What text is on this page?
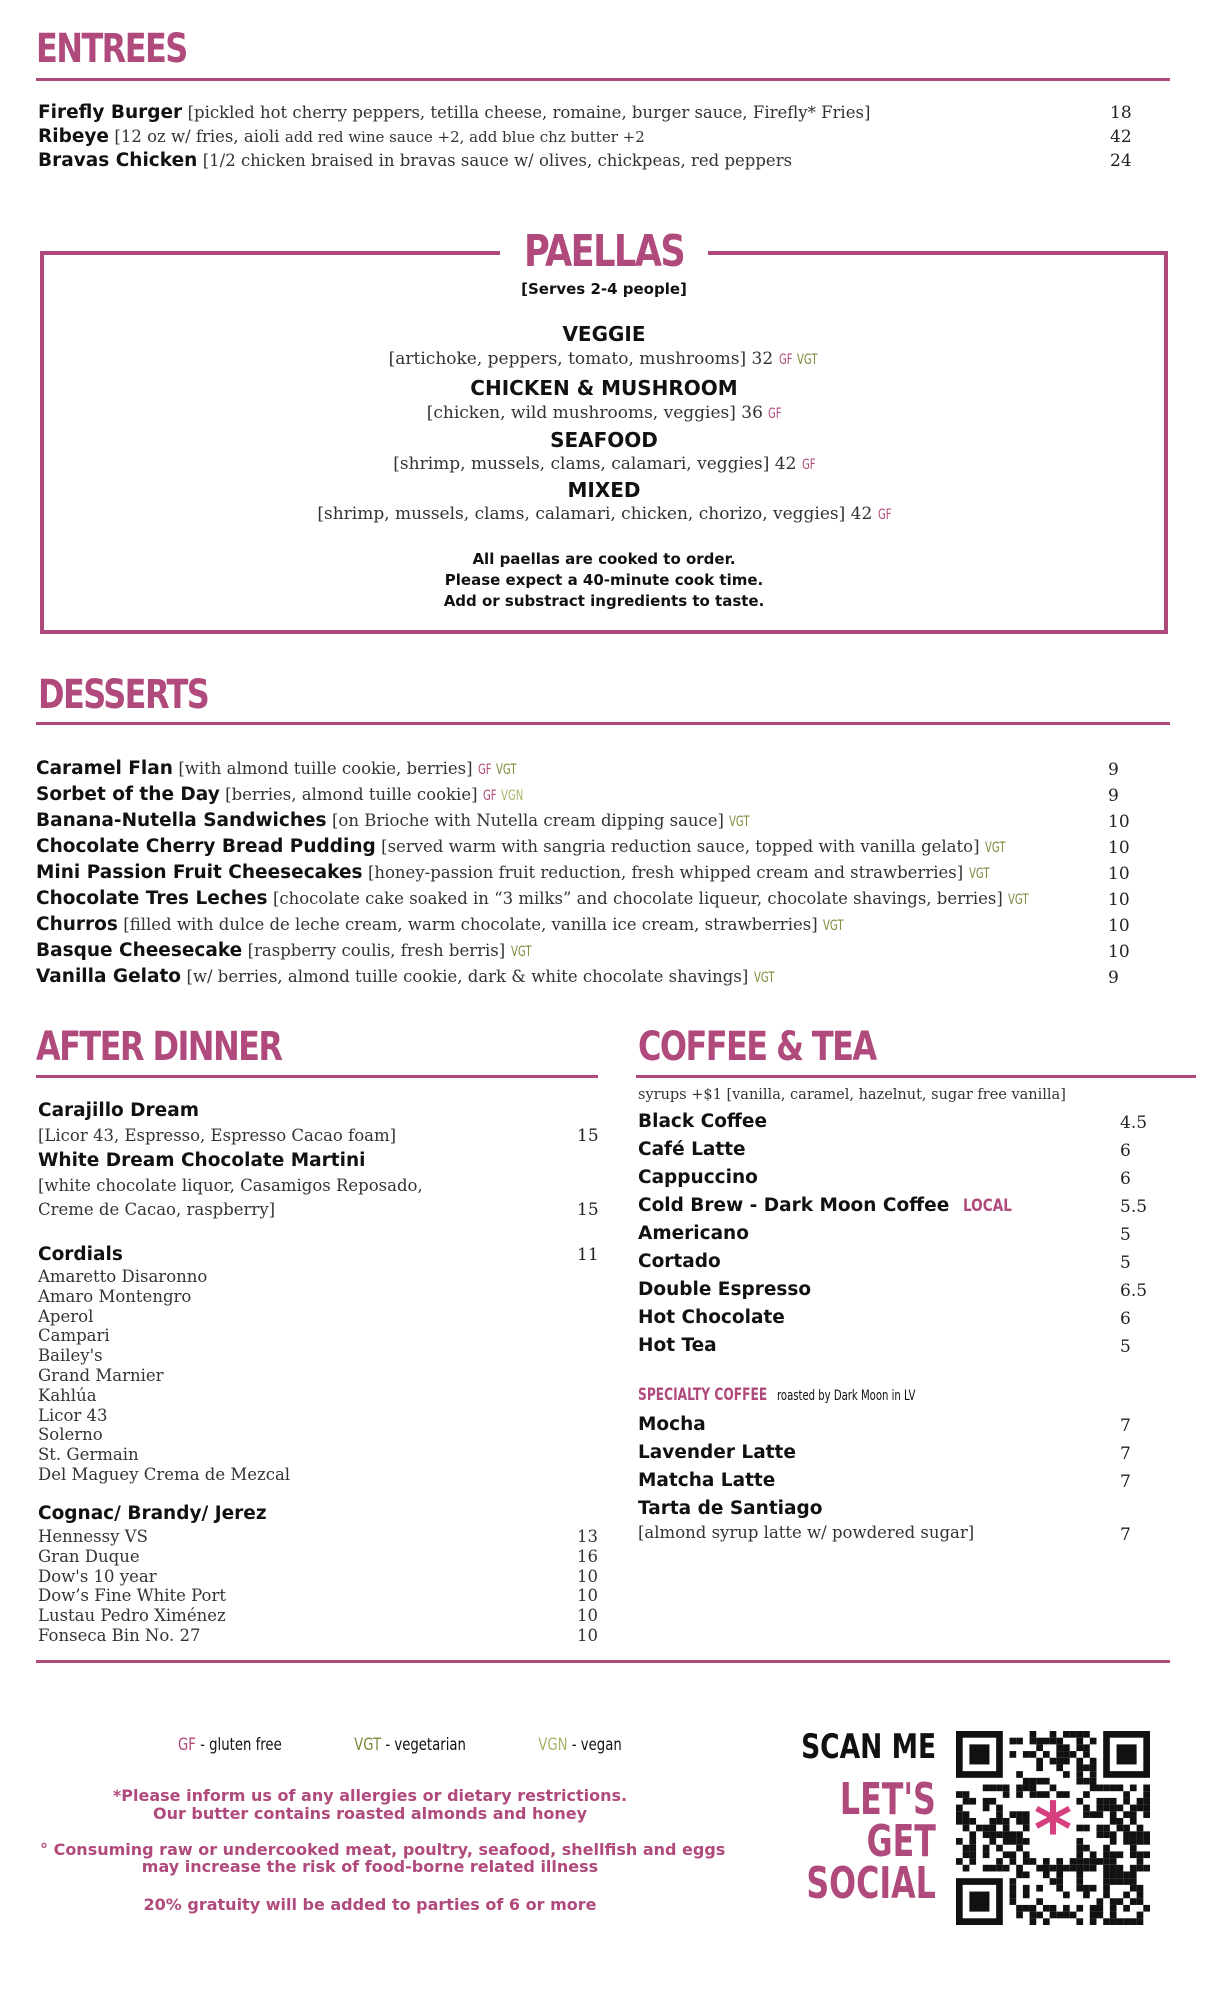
ENTREES
Firefly Burger [pickled hot cherry peppers, tetilla cheese, romaine, burger sauce, Firefly* Fries]	18
Ribeye [12 oz w/ fries, aioli add red wine sauce +2, add blue chz butter +2	42
Bravas Chicken [1/2 chicken braised in bravas sauce w/ olives, chickpeas, red peppers	24
PAELLAS
[Serves 2-4 people]
VEGGIE
[artichoke, peppers, tomato, mushrooms] 32 GF VGT
CHICKEN & MUSHROOM
[chicken, wild mushrooms, veggies] 36 GF
SEAFOOD
[shrimp, mussels, clams, calamari, veggies] 42 GF
MIXED
[shrimp, mussels, clams, calamari, chicken, chorizo, veggies] 42 GF
All paellas are cooked to order.
Please expect a 40-minute cook time.
Add or substract ingredients to taste.
DESSERTS
Caramel Flan [with almond tuille cookie, berries] GF VGT	9
Sorbet of the Day [berries, almond tuille cookie] GF VGN	9
Banana-Nutella Sandwiches [on Brioche with Nutella cream dipping sauce] VGT	10
Chocolate Cherry Bread Pudding [served warm with sangria reduction sauce, topped with vanilla gelato] VGT	10
Mini Passion Fruit Cheesecakes [honey-passion fruit reduction, fresh whipped cream and strawberries] VGT	10
Chocolate Tres Leches [chocolate cake soaked in “3 milks” and chocolate liqueur, chocolate shavings, berries] VGT	10
Churros [filled with dulce de leche cream, warm chocolate, vanilla ice cream, strawberries] VGT	10
Basque Cheesecake [raspberry coulis, fresh berris] VGT	10
Vanilla Gelato [w/ berries, almond tuille cookie, dark & white chocolate shavings] VGT	9
AFTER DINNER
Carajillo Dream
[Licor 43, Espresso, Espresso Cacao foam]	15
White Dream Chocolate Martini
[white chocolate liquor, Casamigos Reposado,
Creme de Cacao, raspberry]	15
Cordials	11
Amaretto Disaronno
Amaro Montengro
Aperol
Campari
Bailey's
Grand Marnier
Kahlúa
Licor 43
Solerno
St. Germain
Del Maguey Crema de Mezcal
Cognac/ Brandy/ Jerez
Hennessy VS	13
Gran Duque	16
Dow's 10 year	10
Dow’s Fine White Port	10
Lustau Pedro Ximénez	10
Fonseca Bin No. 27	10
COFFEE & TEA
syrups +$1 [vanilla, caramel, hazelnut, sugar free vanilla]
Black Coffee	4.5
Café Latte	6
Cappuccino	6
Cold Brew - Dark Moon Coffee LOCAL	5.5
Americano	5
Cortado	5
Double Espresso	6.5
Hot Chocolate	6
Hot Tea	5
SPECIALTY COFFEE roasted by Dark Moon in LV
Mocha	7
Lavender Latte	7
Matcha Latte	7
Tarta de Santiago
[almond syrup latte w/ powdered sugar]	7
GF - gluten free	VGT - vegetarian	VGN - vegan
*Please inform us of any allergies or dietary restrictions.
Our butter contains roasted almonds and honey
° Consuming raw or undercooked meat, poultry, seafood, shellfish and eggs
may increase the risk of food-borne related illness
20% gratuity will be added to parties of 6 or more
SCAN ME
LET'S
GET
SOCIAL
*
